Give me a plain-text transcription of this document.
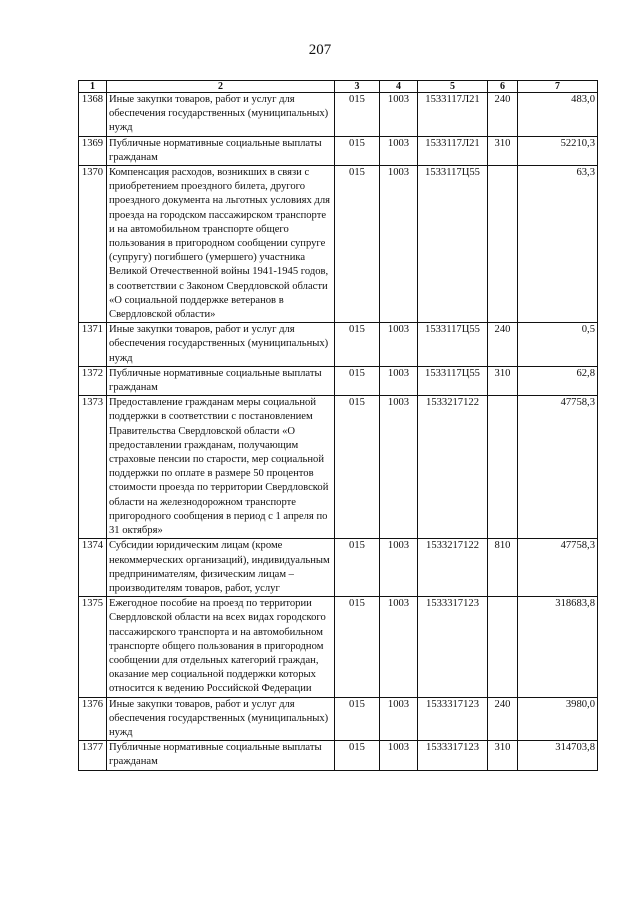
207
1	2	3	4	5	6	7
1368	Иные закупки товаров, работ и услуг для обеспечения государственных (муниципальных) нужд	015	1003	1533117Л21	240	483,0
1369	Публичные нормативные социальные выплаты гражданам	015	1003	1533117Л21	310	52210,3
1370	Компенсация расходов, возникших в связи с приобретением проездного билета, другого проездного документа на льготных условиях для проезда на городском пассажирском транспорте и на автомобильном транспорте общего пользования в пригородном сообщении супруге (супругу) погибшего (умершего) участника Великой Отечественной войны 1941-1945 годов, в соответствии с Законом Свердловской области «О социальной поддержке ветеранов в Свердловской области»	015	1003	1533117Ц55		63,3
1371	Иные закупки товаров, работ и услуг для обеспечения государственных (муниципальных) нужд	015	1003	1533117Ц55	240	0,5
1372	Публичные нормативные социальные выплаты гражданам	015	1003	1533117Ц55	310	62,8
1373	Предоставление гражданам меры социальной поддержки в соответствии с постановлением Правительства Свердловской области «О предоставлении гражданам, получающим страховые пенсии по старости, мер социальной поддержки по оплате в размере 50 процентов стоимости проезда по территории Свердловской области на железнодорожном транспорте пригородного сообщения в период с 1 апреля по 31 октября»	015	1003	1533217122		47758,3
1374	Субсидии юридическим лицам (кроме некоммерческих организаций), индивидуальным предпринимателям, физическим лицам – производителям товаров, работ, услуг	015	1003	1533217122	810	47758,3
1375	Ежегодное пособие на проезд по территории Свердловской области на всех видах городского пассажирского транспорта и на автомобильном транспорте общего пользования в пригородном сообщении для отдельных категорий граждан, оказание мер социальной поддержки которых относится к ведению Российской Федерации	015	1003	1533317123		318683,8
1376	Иные закупки товаров, работ и услуг для обеспечения государственных (муниципальных) нужд	015	1003	1533317123	240	3980,0
1377	Публичные нормативные социальные выплаты гражданам	015	1003	1533317123	310	314703,8
